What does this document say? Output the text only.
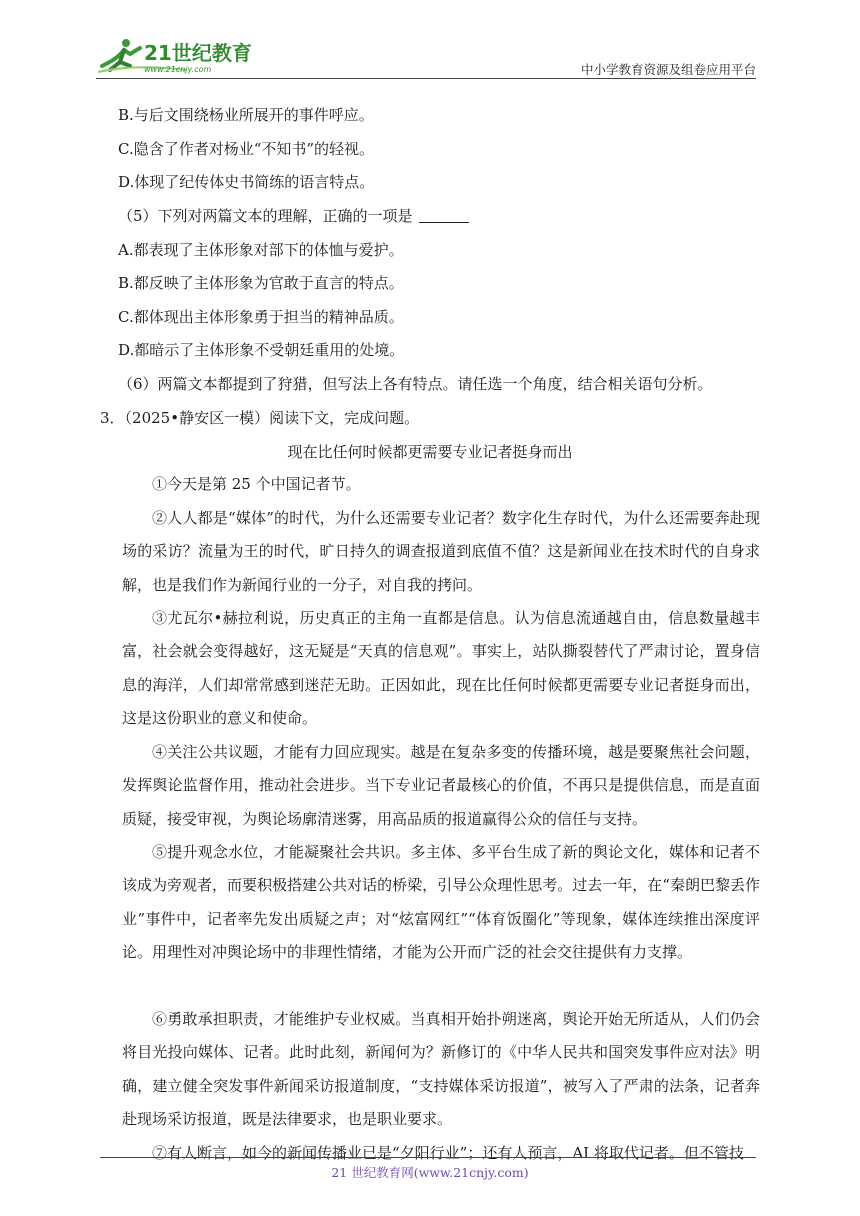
21世纪教育
www.21cnjy.com	中小学教育资源及组卷应用平台
B.与后文围绕杨业所展开的事件呼应。
C.隐含了作者对杨业“不知书”的轻视。
D.体现了纪传体史书简练的语言特点。
（5）下列对两篇文本的理解，正确的一项是
A.都表现了主体形象对部下的体恤与爱护。
B.都反映了主体形象为官敢于直言的特点。
C.都体现出主体形象勇于担当的精神品质。
D.都暗示了主体形象不受朝廷重用的处境。
（6）两篇文本都提到了狩猎，但写法上各有特点。请任选一个角度，结合相关语句分析。
3．（2025•静安区一模）阅读下文，完成问题。
现在比任何时候都更需要专业记者挺身而出
①今天是第 25 个中国记者节。
②人人都是“媒体”的时代，为什么还需要专业记者？数字化生存时代，为什么还需要奔赴现场的采访？流量为王的时代，旷日持久的调查报道到底值不值？这是新闻业在技术时代的自身求解，也是我们作为新闻行业的一分子，对自我的拷问。
③尤瓦尔•赫拉利说，历史真正的主角一直都是信息。认为信息流通越自由，信息数量越丰富，社会就会变得越好，这无疑是“天真的信息观”。事实上，站队撕裂替代了严肃讨论，置身信息的海洋，人们却常常感到迷茫无助。正因如此，现在比任何时候都更需要专业记者挺身而出，这是这份职业的意义和使命。
④关注公共议题，才能有力回应现实。越是在复杂多变的传播环境，越是要聚焦社会问题，发挥舆论监督作用，推动社会进步。当下专业记者最核心的价值，不再只是提供信息，而是直面质疑，接受审视，为舆论场廓清迷雾，用高品质的报道赢得公众的信任与支持。
⑤提升观念水位，才能凝聚社会共识。多主体、多平台生成了新的舆论文化，媒体和记者不该成为旁观者，而要积极搭建公共对话的桥梁，引导公众理性思考。过去一年，在“秦朗巴黎丢作业”事件中，记者率先发出质疑之声；对“炫富网红”“体育饭圈化”等现象，媒体连续推出深度评论。用理性对冲舆论场中的非理性情绪，才能为公开而广泛的社会交往提供有力支撑。
⑥勇敢承担职责，才能维护专业权威。当真相开始扑朔迷离，舆论开始无所适从，人们仍会将目光投向媒体、记者。此时此刻，新闻何为？新修订的《中华人民共和国突发事件应对法》明确，建立健全突发事件新闻采访报道制度，“支持媒体采访报道”，被写入了严肃的法条，记者奔赴现场采访报道，既是法律要求，也是职业要求。
⑦有人断言，如今的新闻传播业已是“夕阳行业”；还有人预言，AI 将取代记者。但不管技
21 世纪教育网(www.21cnjy.com)
